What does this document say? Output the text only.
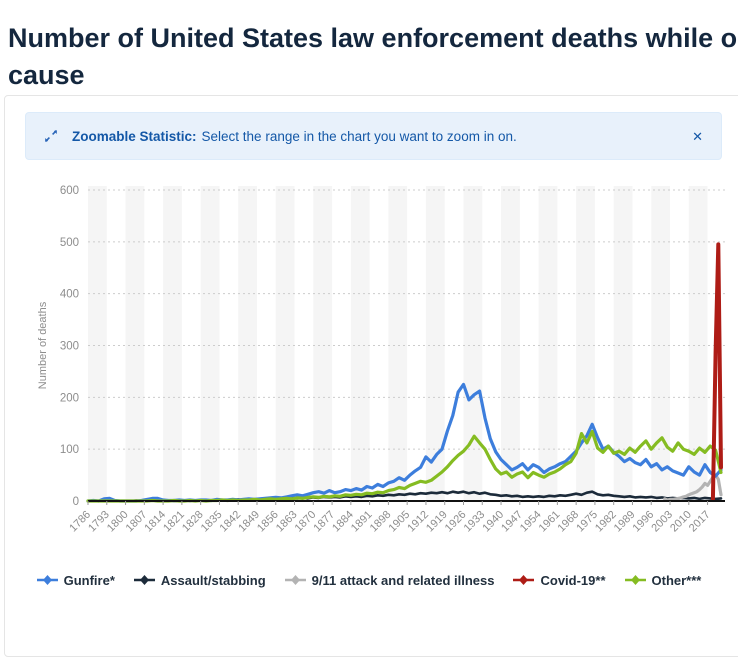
Number of United States law enforcement deaths while o
cause
Zoomable Statistic: Select the range in the chart you want to zoom in on.	✕
0
100
200
300
400
500
600
Number of deaths
1786
1793
1800
1807
1814
1821
1828
1835
1842
1849
1856
1863
1870
1877
1884
1891
1898
1905
1912
1919
1926
1933
1940
1947
1954
1961
1968
1975
1982
1989
1996
2003
2010
2017
Gunfire*	Assault/stabbing	9/11 attack and related illness	Covid-19**	Other***
